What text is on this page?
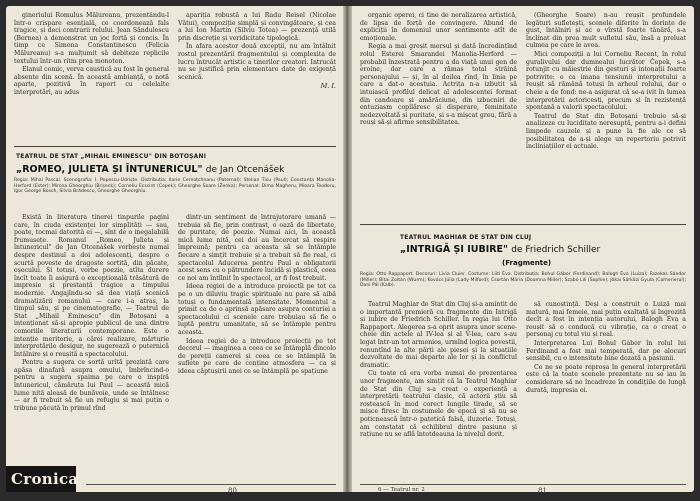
gineriului Romulus Mălureanu, prezentându-l într-o crispare esențială, ce coordonează fals tragice, și deci contrarii relului. Jean Săndulescu (Bernea) a demonstrat un joc fortă și concis. În timp ce Simona Constantinescu (Felicia Mălureanu) s-a mulțumit să debiteze replicile textului într-un ritm prea monoton.

Elanul comic, verva caustică au fost în general absente din scenă. În această ambianță, o notă aparte, pozitivă în raport cu celelalte interpretări, au adus

apariția robustă a lui Radu Reisel (Nicolae Vătui), compoziție simplă și convingătoare, și cea a lui Ion Martin (Silviu Totea) — prezență utilă prin discreție și veridicitate tipologică.

În afara acestor două excepții, nu am întâlnit rostul prezentării fragmentului și complexita de lucru întrucât artistic a tinerilor creatori. Intrucât nu se justifică prin elementare date de exigență scenică.

M. I.
TEATRUL DE STAT „MIHAIL EMINESCU" DIN BOTOȘANI
„ROMEO, JULIETA ȘI ÎNTUNERICUL" de Jan Otcenášek
Regia: Mihai Pascal. Scenografia: I. Popescu-Udriște. Distribuția: Ilarie Cernoțcheanu (Paternal); Stelian Ticu (Paul); Constanța Manolia-Herford (Ester); Mircea Gheorghiu (Brișeck); Corneliu Ecssint (Copek); Gheorghe Soare (Ženka); Personal: Dima Magheru, Mioara Teodoru, Igor George Bosch, Silvia Brădescu, Gheorghe Gheorghiu.

Există în literatura tinerei tinpurile pagini care, în ciuda existenței lor simplități — sau, poate, tocmai datorită ei —, sînt de o inegalabilă frumusețe. Romanul „Romeo, Julieta și întunericul" de Jan Otcenášek vorbește numai despre destinul a doi adolescenți, despre o scurtă poveste de dragoste sortită, din păcate, eșecului. Și totuși, vorbe poezie, atîta durere încît toate îi asigură o excepțională trăsătură de impresie și prestanță tragice a timpului modernie. Angajîndu-se să dea viață scenică dramatizării romanului — care i-a atras, la timpul său, și pe cinematografie, — Teatrul de Stat „Mihail Eminescu" din Botoșani a intenționat să-și apropie publicul de una dintre comoriile literaturii contemporane. Este o intenție meritorie, a cărei realizare, mărturie interpretările desigur, ne sugerează o puternică întâlnire și o reușită a spectacolului.

Pentru a sugera ce sortă urîtă prezintă care apăsa dinafară asupra omului, îmbrîncind-o pentru a sugera spaima pe care o inspiră întunericul, cămăruța lui Paul — această mică lume nită aleasă de bunăvoie, unde se întâlnesc — ar fi trebuit să fie un refugiu și mai puțin o tribune păcută în primul rînd

dintr-un sentiment de întrajutorare umană — trebuia să fie, prin contrast, o oază de libertate, de puritate, de poezie. Numai aici, în această mică lume nită, cei doi au încercat să respire împreună; pentru ca aceasta să se întâmple fiecare a simțit trebuie și a trebuit să fie real, ci spectacolul Aducerea pentru Paul a obligatorii acest sens cu o pătrundere lucidă și plastică, ceea ce noi am întîlnit în spectacol, ar fi fost trebuit.

Ideea regiei de a introduce proiectîi pe tot ca pe o un diluviu tragic spirituale nu pare să aibă totuși o fundamentală intensitate. Momentul a primit ca de o aprinsă apăsare asupra conturiei a spectacolului ci scenele care trebuiau să fie o luptă pentru umanitate, să se întâmple pentru aceasta.

Ideea regiei de a introduce proiecții pe tot decorul — imaginea a ceea ce se întâmplă dincolo de pereții camerei și ceea ce se întâmplă în suflete pe care de conține atmosfera — ca și ideea căptușirii anei ce se întâmplă pe spațiune

80
Cronica

organic operei, ci tine de neralizarea artistică, de lipsa de forță de convingere. Abund de expliciții în domeniul unor sentimente atît de emoționale.

Regia a mai greșit mersul și dată încredințînd rolul Esterei Smarandei Manolia-Herford — probabil înzestrată pentru a da viață unui gen de eroine, dar care a rămas total străină personajului — și, în al doilea rînd, în linia pe care a dat-o acestuia. Actrița n-a izbutit să intuiască profilul delicat al adolescentei format din candoare și amărăciune, din izbucniri de entuziasm copilăresc și disperare, feminitate nedezvoltată și puritate, și s-a mișcat greu, fără a reuși să-și afirme sensibilitatea.

(Gheorghe Soare) n-au reușit profundele legături sufletești, scenele diferite în dorințe de gust, întâlniri și ac o vîrstă foarte tânără, s-a înclinat din prea mult sufletul său, însă a preluat culmea pe care le avea.

Mici compoziții a lui Corneliu Recent, în rolul guralivului dar dumnealui lucrător Čepek, s-a rotunjit cu măiestrie din gesturi și intonații foarte potrivite: o ca imana tensiunii interpretului a reușit să rămână totuși în arheul rolului, dar o cheie a de fond: ne-a asigurat că se-a ivit în lumea interpretării actoricesti, precum și în rezistență spontană a valorii spectacolului.

Teatrul de Stat din Botoșani trebuie să-și analizeze cu luciditate neresuptă, pentru a-i defini limpede cauzele și a pune la fie ale ce să posibilitatea de a-și alege un repertoriu potrivit incliniațiilor ei actuale.

TEATRUL MAGHIAR DE STAT DIN CLUJ
„INTRIGĂ ȘI IUBIRE" de Friedrich Schiller
(Fragmente)
Regia: Otto Rappaport. Decoruri: Livia Cluier. Costume: Liiti Éva. Distribuția: Bohul Gábor (Ferdinand); Balogh Éva (Luiza); Fazekas Sándor (Miller); Bitai Zoltán (Wurm); Kovács Júlia (Lady Milford); Csortán Mária (Doamna Miller); Szabó Lili (Sophie); Jókai Sárközi Gyula (Camerierul); Dani Pál (Kalb).

Teatrul Maghiar de Stat din Cluj și-a amintit de o importantă premieră cu fragmente din Intrigă și iubire de Friedrich Schiller. În regia lui Otto Rappaport. Alegerea s-a oprit asupra unor scene-cheie din actele al IV-lea și al V-lea, care s-au legat într-un tot armonios, urmînd logica povestii, renunțînd la alte părți ale piesei și la situațiile dezvoltate de mai departe ale lor și la conflictul dramatic.

Cu toate că era vorba numai de prezentarea unor fragmente, am simțit că la Teatrul Maghiar de Stat din Cluj s-a creat o experiență a interpretării teatrului clasic, că actorii știu să rostească în mod corect lungile tirade, să se mișce firesc în costumele de epocă și să nu se poticnească într-o patetică falsă, iluzorie. Totuși, am constatat că echilibrul dintre pasiune și rațiune nu se află întotdeauna la nivelul dorit.

să cunoștință. Deși a construit o Luiză mai matură, mai femeie, mai puțin exaltată și îngrozită decît a fost în intenția autorului, Balogh Éva a reușit să o conducă cu vibrație, ca o creat o personaj cu totul viu și real.

Interpretarea Lui Bohul Gábor în rolul lui Ferdinand a fost mai temperată, dar pe alocuri sensibil, cu o intensitate bine dozată a pasiunii.

Ce ne se poate reproșa în general interpretării este că la toate scenele prezentate nu se iau în considerare să ne încadreze în condițiile de lungă durată, impresia ei.

6 — Teatrul nr. 2	81
